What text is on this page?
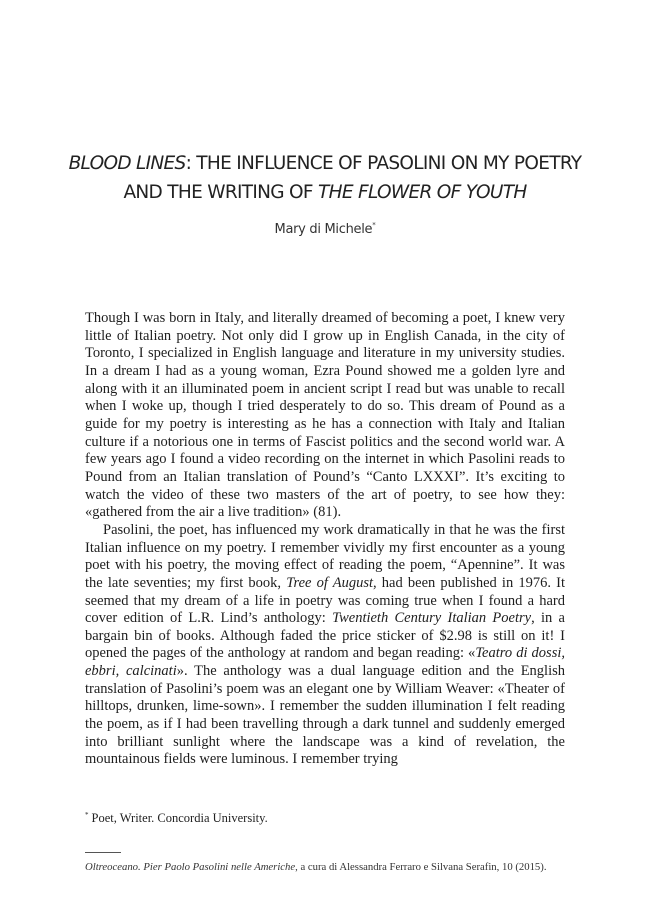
BLOOD LINES: THE INFLUENCE OF PASOLINI ON MY POETRY AND THE WRITING OF THE FLOWER OF YOUTH
Mary di Michele*

Though I was born in Italy, and literally dreamed of becoming a poet, I knew very little of Italian poetry. Not only did I grow up in English Canada, in the city of Toronto, I specialized in English language and literature in my university studies. In a dream I had as a young woman, Ezra Pound showed me a golden lyre and along with it an illuminated poem in ancient script I read but was unable to recall when I woke up, though I tried desperately to do so. This dream of Pound as a guide for my poetry is interesting as he has a connection with Italy and Italian culture if a notorious one in terms of Fascist politics and the second world war. A few years ago I found a video recording on the internet in which Pasolini reads to Pound from an Italian translation of Pound’s “Canto LXXXI”. It’s exciting to watch the video of these two masters of the art of poetry, to see how they: «gathered from the air a live tradition» (81).

Pasolini, the poet, has influenced my work dramatically in that he was the first Italian influence on my poetry. I remember vividly my first encounter as a young poet with his poetry, the moving effect of reading the poem, “Apennine”. It was the late seventies; my first book, Tree of August, had been published in 1976. It seemed that my dream of a life in poetry was coming true when I found a hard cover edition of L.R. Lind’s anthology: Twentieth Century Italian Poetry, in a bargain bin of books. Although faded the price sticker of $2.98 is still on it! I opened the pages of the anthology at random and began reading: «Teatro di dossi, ebbri, calcinati». The anthology was a dual language edition and the English translation of Pasolini’s poem was an elegant one by William Weaver: «Theater of hilltops, drunken, lime-sown». I remember the sudden illumination I felt reading the poem, as if I had been travelling through a dark tunnel and suddenly emerged into brilliant sunlight where the landscape was a kind of revelation, the mountainous fields were luminous. I remember trying

* Poet, Writer. Concordia University.
Oltreoceano. Pier Paolo Pasolini nelle Americhe, a cura di Alessandra Ferraro e Silvana Serafin, 10 (2015).
